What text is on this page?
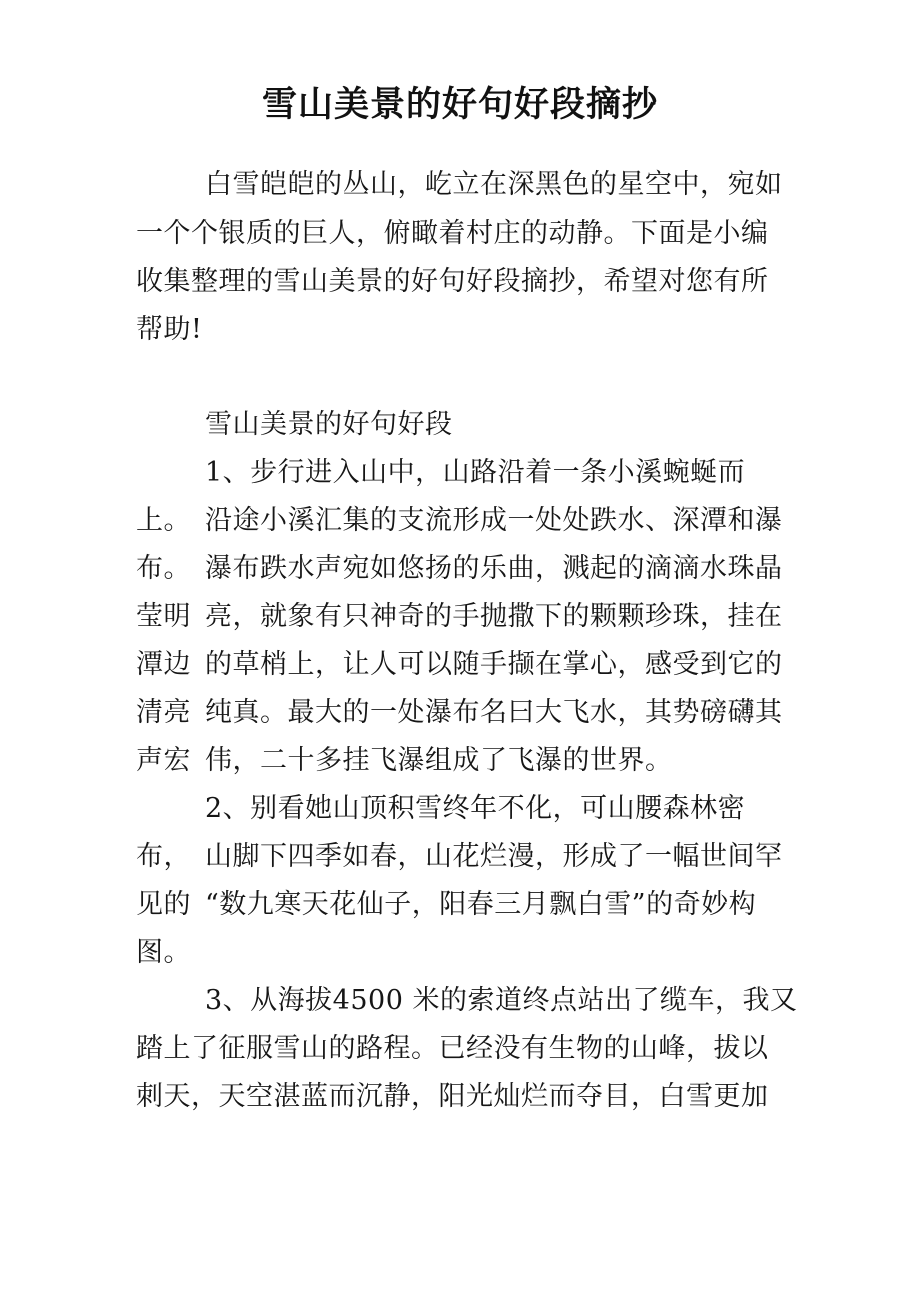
雪山美景的好句好段摘抄
白雪皑皑的丛山，屹立在深黑色的星空中，宛如
一个个银质的巨人，俯瞰着村庄的动静。下面是小编
收集整理的雪山美景的好句好段摘抄，希望对您有所
帮助!
雪山美景的好句好段
1、步行进入山中，山路沿着一条小溪蜿蜒而
上。 沿途小溪汇集的支流形成一处处跌水、深潭和瀑
布。 瀑布跌水声宛如悠扬的乐曲，溅起的滴滴水珠晶
莹明 亮，就象有只神奇的手抛撒下的颗颗珍珠，挂在
潭边 的草梢上，让人可以随手撷在掌心，感受到它的
清亮 纯真。最大的一处瀑布名曰大飞水，其势磅礴其
声宏 伟，二十多挂飞瀑组成了飞瀑的世界。
2、别看她山顶积雪终年不化，可山腰森林密
布， 山脚下四季如春，山花烂漫，形成了一幅世间罕
见的 “数九寒天花仙子，阳春三月飘白雪”的奇妙构
图。
3、从海拔4500 米的索道终点站出了缆车，我又
踏上了征服雪山的路程。已经没有生物的山峰，拔以
刺天，天空湛蓝而沉静，阳光灿烂而夺目，白雪更加
